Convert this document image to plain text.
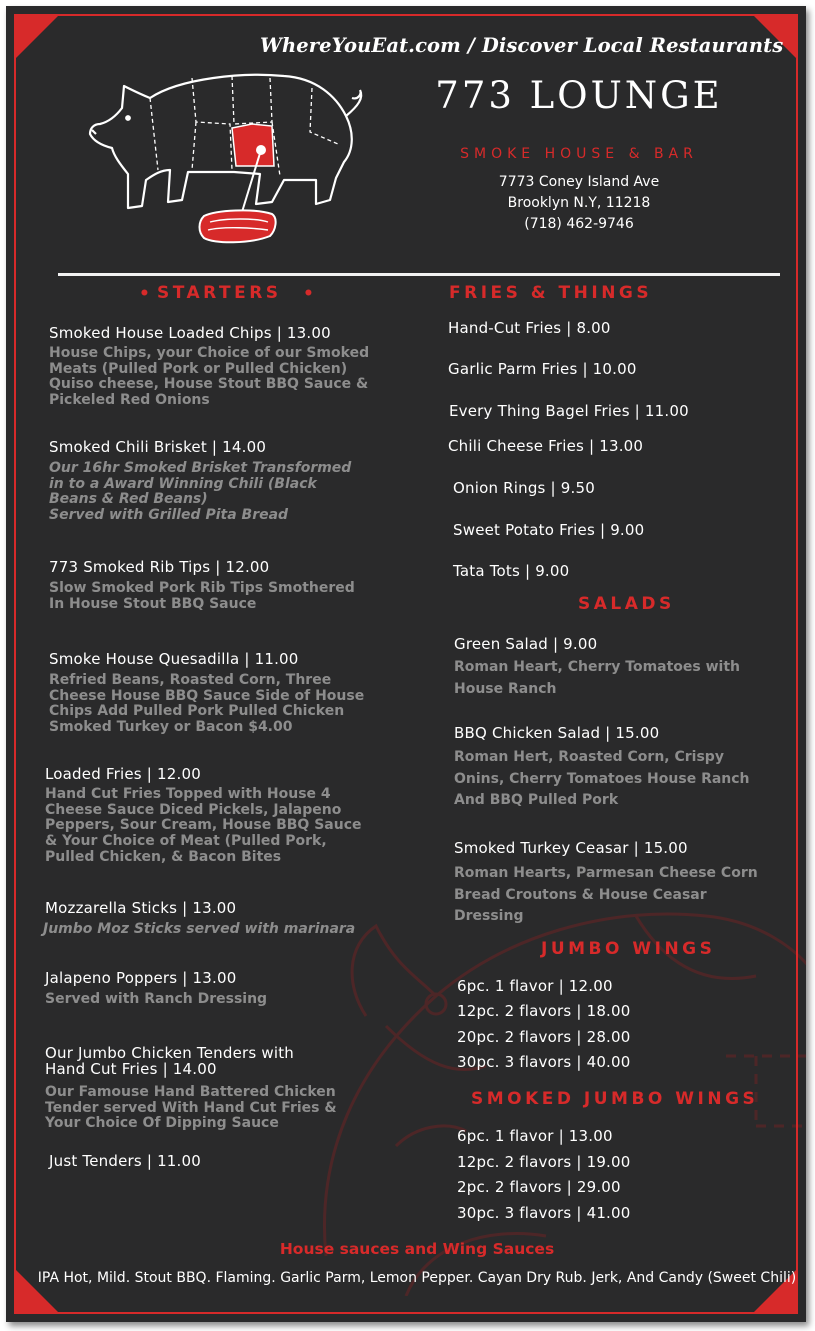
WhereYouEat.com / Discover Local Restaurants
773 LOUNGE
SMOKE HOUSE & BAR
7773 Coney Island Ave
Brooklyn N.Y, 11218
(718) 462-9746
• STARTERS •
Smoked House Loaded Chips | 13.00
House Chips, your Choice of our Smoked
Meats (Pulled Pork or Pulled Chicken)
Quiso cheese, House Stout BBQ Sauce &
Pickeled Red Onions
Smoked Chili Brisket | 14.00
Our 16hr Smoked Brisket Transformed
in to a Award Winning Chili (Black
Beans & Red Beans)
Served with Grilled Pita Bread
773 Smoked Rib Tips | 12.00
Slow Smoked Pork Rib Tips Smothered
In House Stout BBQ Sauce
Smoke House Quesadilla | 11.00
Refried Beans, Roasted Corn, Three
Cheese House BBQ Sauce Side of House
Chips Add Pulled Pork Pulled Chicken
Smoked Turkey or Bacon $4.00
Loaded Fries | 12.00
Hand Cut Fries Topped with House 4
Cheese Sauce Diced Pickels, Jalapeno
Peppers, Sour Cream, House BBQ Sauce
& Your Choice of Meat (Pulled Pork,
Pulled Chicken, & Bacon Bites
Mozzarella Sticks | 13.00
Jumbo Moz Sticks served with marinara
Jalapeno Poppers | 13.00
Served with Ranch Dressing
Our Jumbo Chicken Tenders with
Hand Cut Fries | 14.00
Our Famouse Hand Battered Chicken
Tender served With Hand Cut Fries &
Your Choice Of Dipping Sauce
Just Tenders | 11.00
FRIES & THINGS
Hand-Cut Fries | 8.00
Garlic Parm Fries | 10.00
Every Thing Bagel Fries | 11.00
Chili Cheese Fries | 13.00
Onion Rings | 9.50
Sweet Potato Fries | 9.00
Tata Tots | 9.00
SALADS
Green Salad | 9.00
Roman Heart, Cherry Tomatoes with
House Ranch
BBQ Chicken Salad | 15.00
Roman Hert, Roasted Corn, Crispy
Onins, Cherry Tomatoes House Ranch
And BBQ Pulled Pork
Smoked Turkey Ceasar | 15.00
Roman Hearts, Parmesan Cheese Corn
Bread Croutons & House Ceasar
Dressing
JUMBO WINGS
6pc. 1 flavor | 12.00
12pc. 2 flavors | 18.00
20pc. 2 flavors | 28.00
30pc. 3 flavors | 40.00
SMOKED JUMBO WINGS
6pc. 1 flavor | 13.00
12pc. 2 flavors | 19.00
2pc. 2 flavors | 29.00
30pc. 3 flavors | 41.00
House sauces and Wing Sauces
IPA Hot, Mild. Stout BBQ. Flaming. Garlic Parm, Lemon Pepper. Cayan Dry Rub. Jerk, And Candy (Sweet Chili)
